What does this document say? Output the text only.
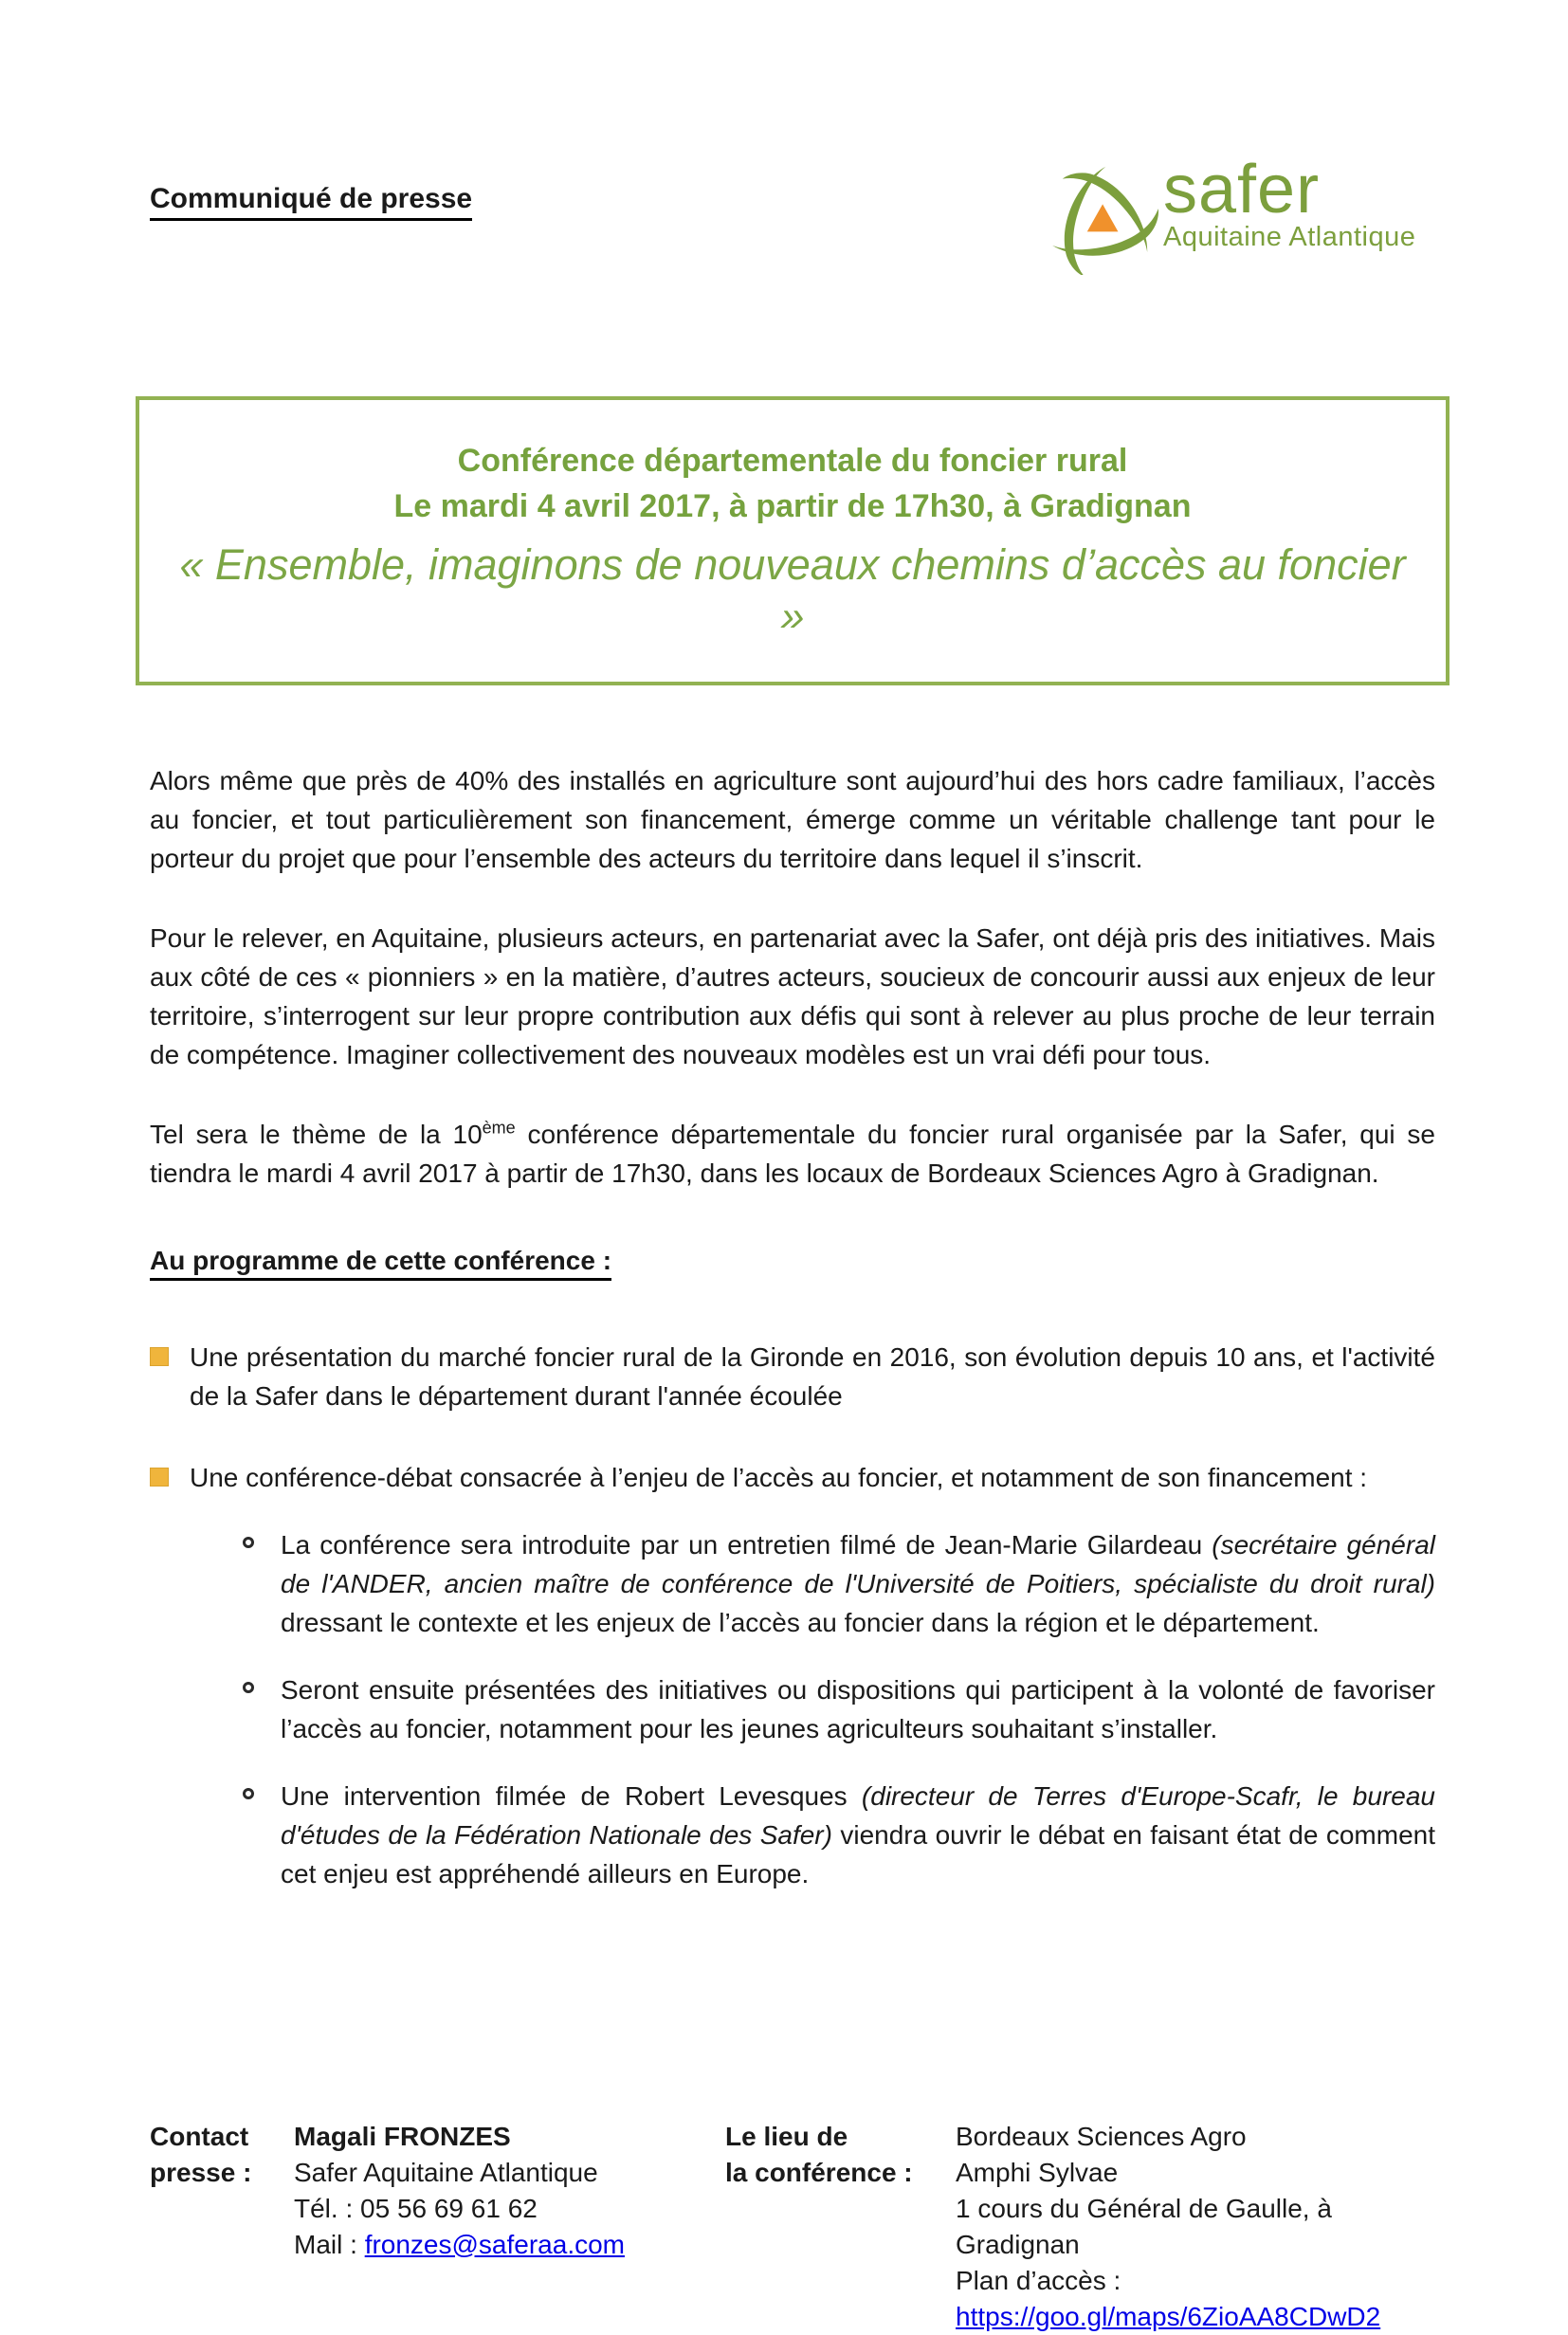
Communiqué de presse	safer
Aquitaine Atlantique
Conférence départementale du foncier rural
Le mardi 4 avril 2017, à partir de 17h30, à Gradignan
« Ensemble, imaginons de nouveaux chemins d’accès au foncier »

Alors même que près de 40% des installés en agriculture sont aujourd’hui des hors cadre familiaux, l’accès au foncier, et tout particulièrement son financement, émerge comme un véritable challenge tant pour le porteur du projet que pour l’ensemble des acteurs du territoire dans lequel il s’inscrit.

Pour le relever, en Aquitaine, plusieurs acteurs, en partenariat avec la Safer, ont déjà pris des initiatives. Mais aux côté de ces « pionniers » en la matière, d’autres acteurs, soucieux de concourir aussi aux enjeux de leur territoire, s’interrogent sur leur propre contribution aux défis qui sont à relever au plus proche de leur terrain de compétence. Imaginer collectivement des nouveaux modèles est un vrai défi pour tous.

Tel sera le thème de la 10ème conférence départementale du foncier rural organisée par la Safer, qui se tiendra le mardi 4 avril 2017 à partir de 17h30, dans les locaux de Bordeaux Sciences Agro à Gradignan.

Au programme de cette conférence :
Une présentation du marché foncier rural de la Gironde en 2016, son évolution depuis 10 ans, et l'activité de la Safer dans le département durant l'année écoulée
Une conférence-débat consacrée à l’enjeu de l’accès au foncier, et notamment de son financement :
La conférence sera introduite par un entretien filmé de Jean-Marie Gilardeau (secrétaire général de l'ANDER, ancien maître de conférence de l'Université de Poitiers, spécialiste du droit rural) dressant le contexte et les enjeux de l’accès au foncier dans la région et le département.
Seront ensuite présentées des initiatives ou dispositions qui participent à la volonté de favoriser l’accès au foncier, notamment pour les jeunes agriculteurs souhaitant s’installer.
Une intervention filmée de Robert Levesques (directeur de Terres d'Europe-Scafr, le bureau d'études de la Fédération Nationale des Safer) viendra ouvrir le débat en faisant état de comment cet enjeu est appréhendé ailleurs en Europe.
Contact
presse :
Magali FRONZES
Safer Aquitaine Atlantique
Tél. : 05 56 69 61 62
Mail : fronzes@saferaa.com
Le lieu de
la conférence :
Bordeaux Sciences Agro
Amphi Sylvae
1 cours du Général de Gaulle, à Gradignan
Plan d’accès :
https://goo.gl/maps/6ZioAA8CDwD2
